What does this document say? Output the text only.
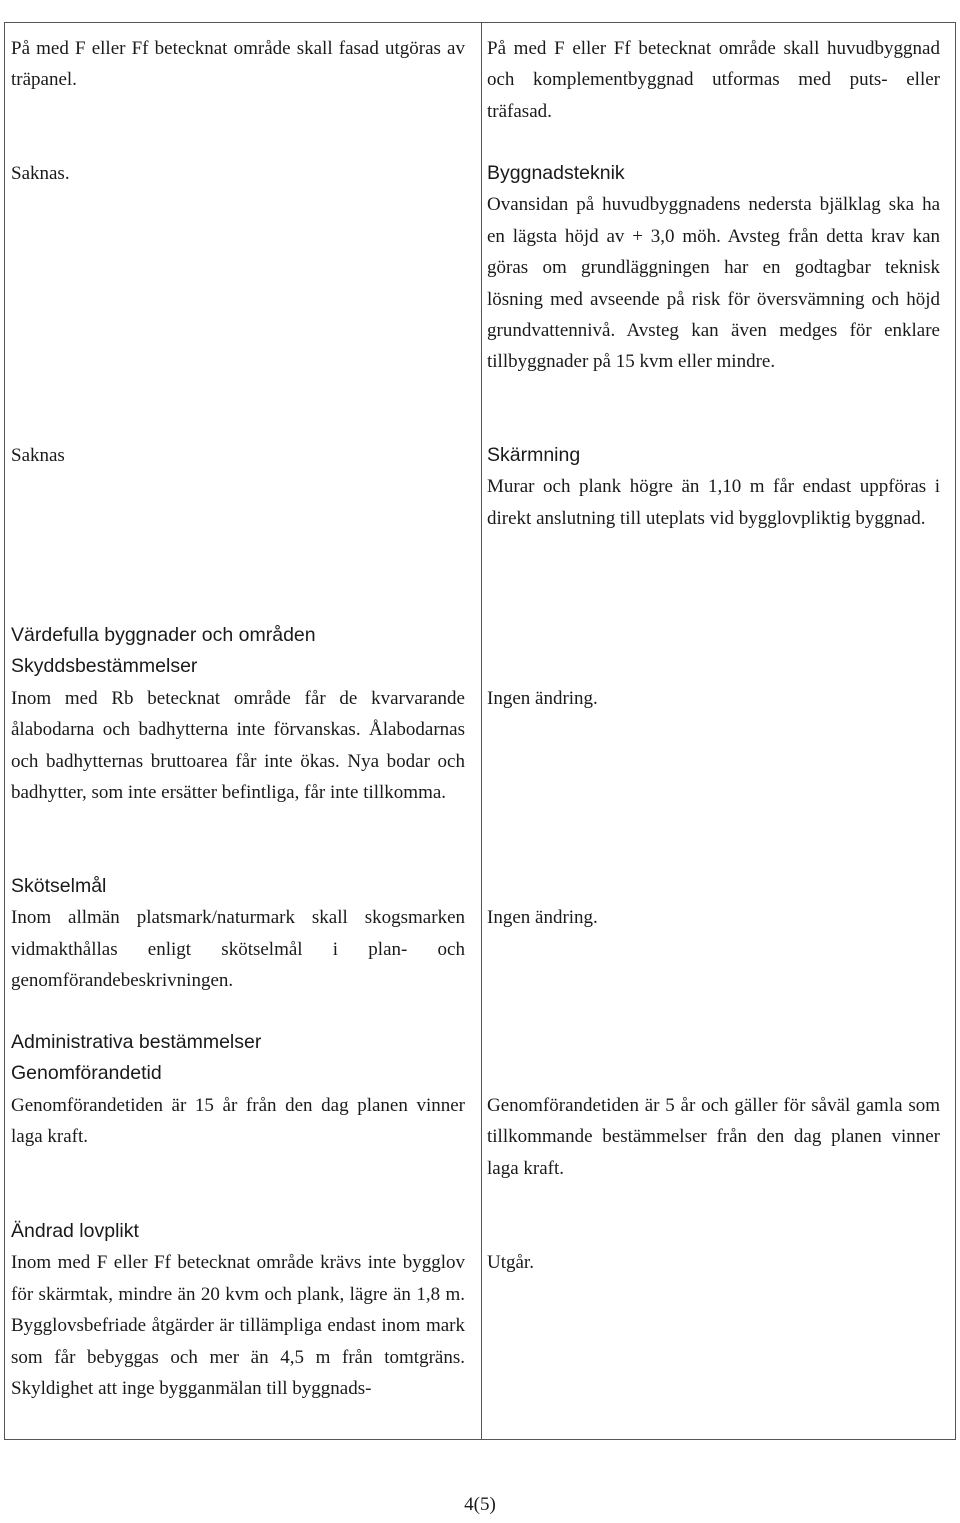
På med F eller Ff betecknat område skall fasad utgöras av träpanel.

Saknas.

Saknas

Värdefulla byggnader och områden
Skyddsbestämmelser

Inom med Rb betecknat område får de kvarvarande ålabodarna och badhytterna inte förvanskas. Ålabodarnas och badhytternas bruttoarea får inte ökas. Nya bodar och badhytter, som inte ersätter befintliga, får inte tillkomma.

Skötselmål

Inom allmän platsmark/naturmark skall skogsmarken vidmakthållas enligt skötselmål i plan- och genomförandebeskrivningen.

Administrativa bestämmelser
Genomförandetid

Genomförandetiden är 15 år från den dag planen vinner laga kraft.

Ändrad lovplikt

Inom med F eller Ff betecknat område krävs inte bygglov för skärmtak, mindre än 20 kvm och plank, lägre än 1,8 m. Bygglovsbefriade åtgärder är tillämpliga endast inom mark som får bebyggas och mer än 4,5 m från tomtgräns. Skyldighet att inge bygganmälan till byggnads-

På med F eller Ff betecknat område skall huvudbyggnad och komplementbyggnad utformas med puts- eller träfasad.

Byggnadsteknik

Ovansidan på huvudbyggnadens nedersta bjälklag ska ha en lägsta höjd av + 3,0 möh. Avsteg från detta krav kan göras om grundläggningen har en godtagbar teknisk lösning med avseende på risk för översvämning och höjd grundvattennivå. Avsteg kan även medges för enklare tillbyggnader på 15 kvm eller mindre.

Skärmning

Murar och plank högre än 1,10 m får endast uppföras i direkt anslutning till uteplats vid bygglovpliktig byggnad.

Ingen ändring.

Ingen ändring.

Genomförandetiden är 5 år och gäller för såväl gamla som tillkommande bestämmelser från den dag planen vinner laga kraft.

Utgår.

4(5)
